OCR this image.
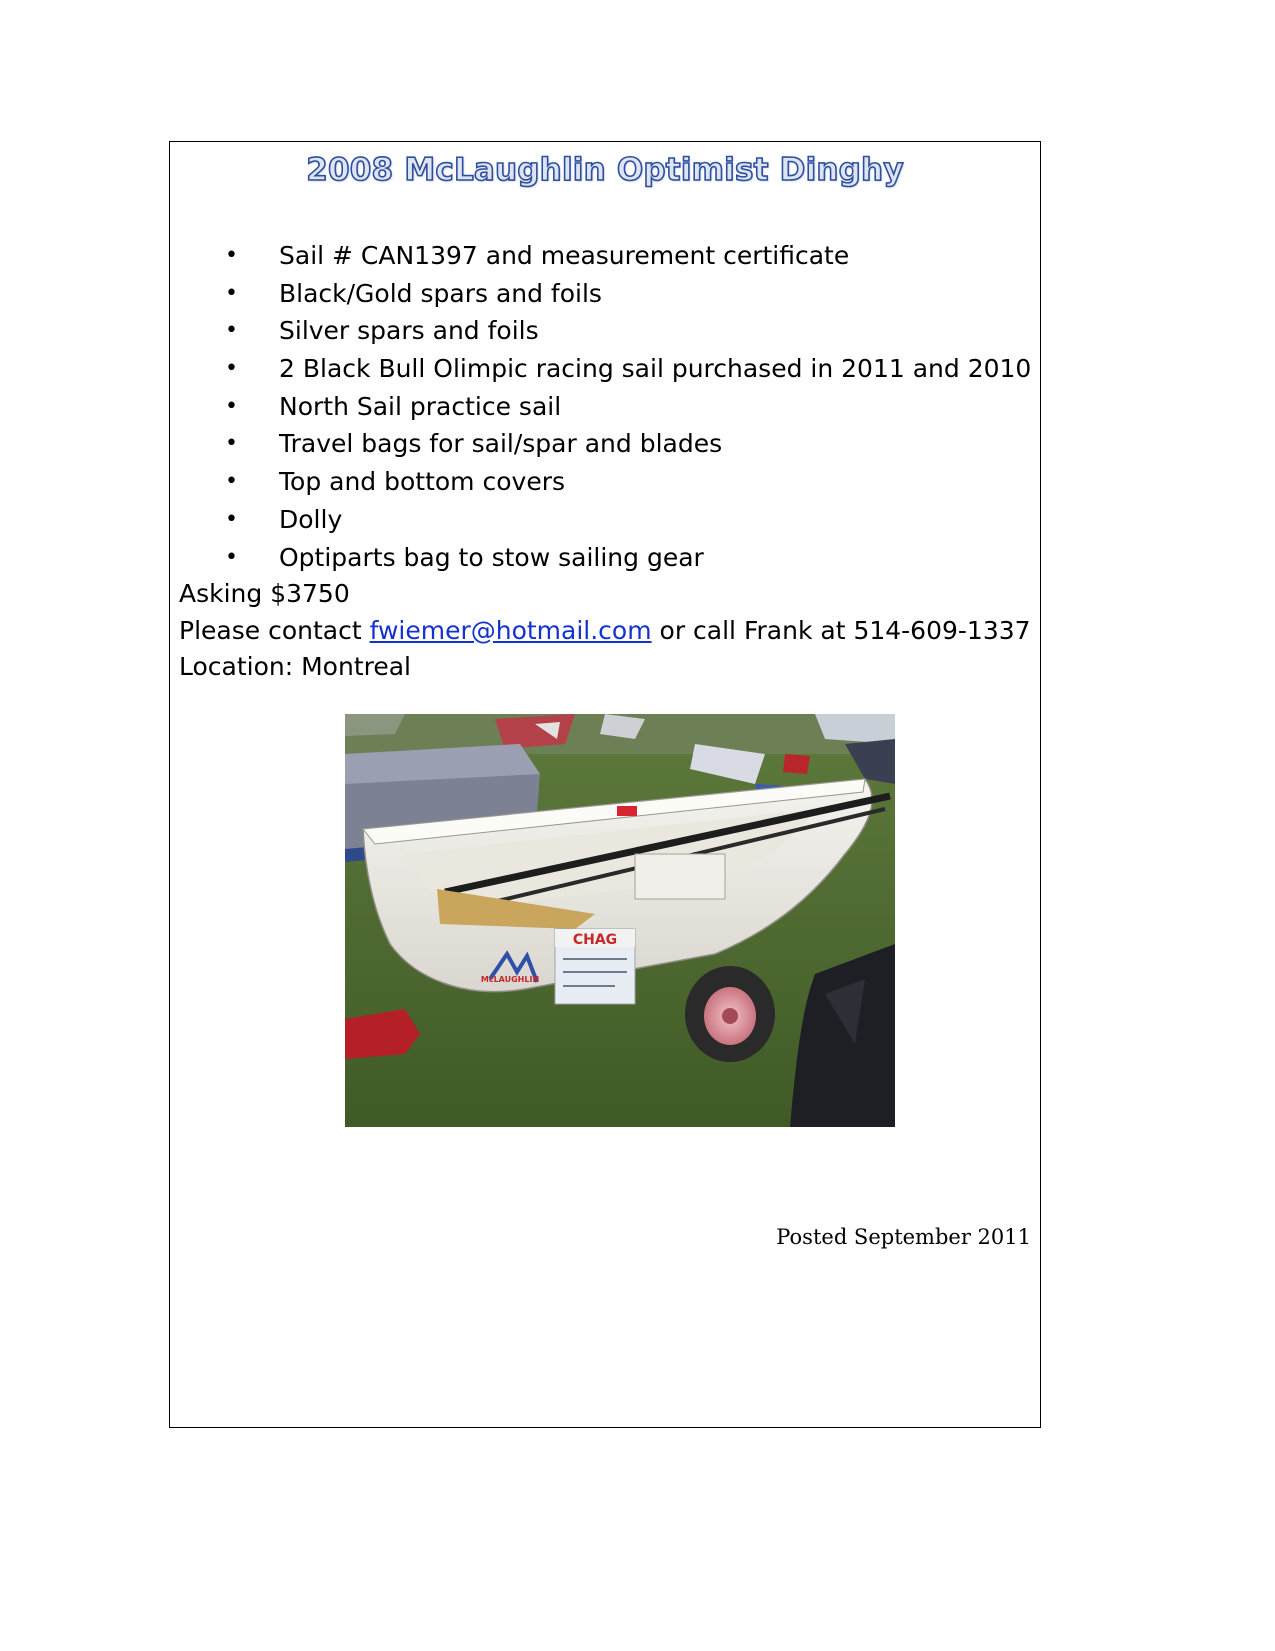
2008 McLaughlin Optimist Dinghy
• Sail # CAN1397 and measurement certificate
• Black/Gold spars and foils
• Silver spars and foils
• 2 Black Bull Olimpic racing sail purchased in 2011 and 2010
• North Sail practice sail
• Travel bags for sail/spar and blades
• Top and bottom covers
• Dolly
• Optiparts bag to stow sailing gear
Asking $3750
Please contact fwiemer@hotmail.com or call Frank at 514-609-1337
Location: Montreal
CHAG
McLAUGHLIN
Posted September 2011
